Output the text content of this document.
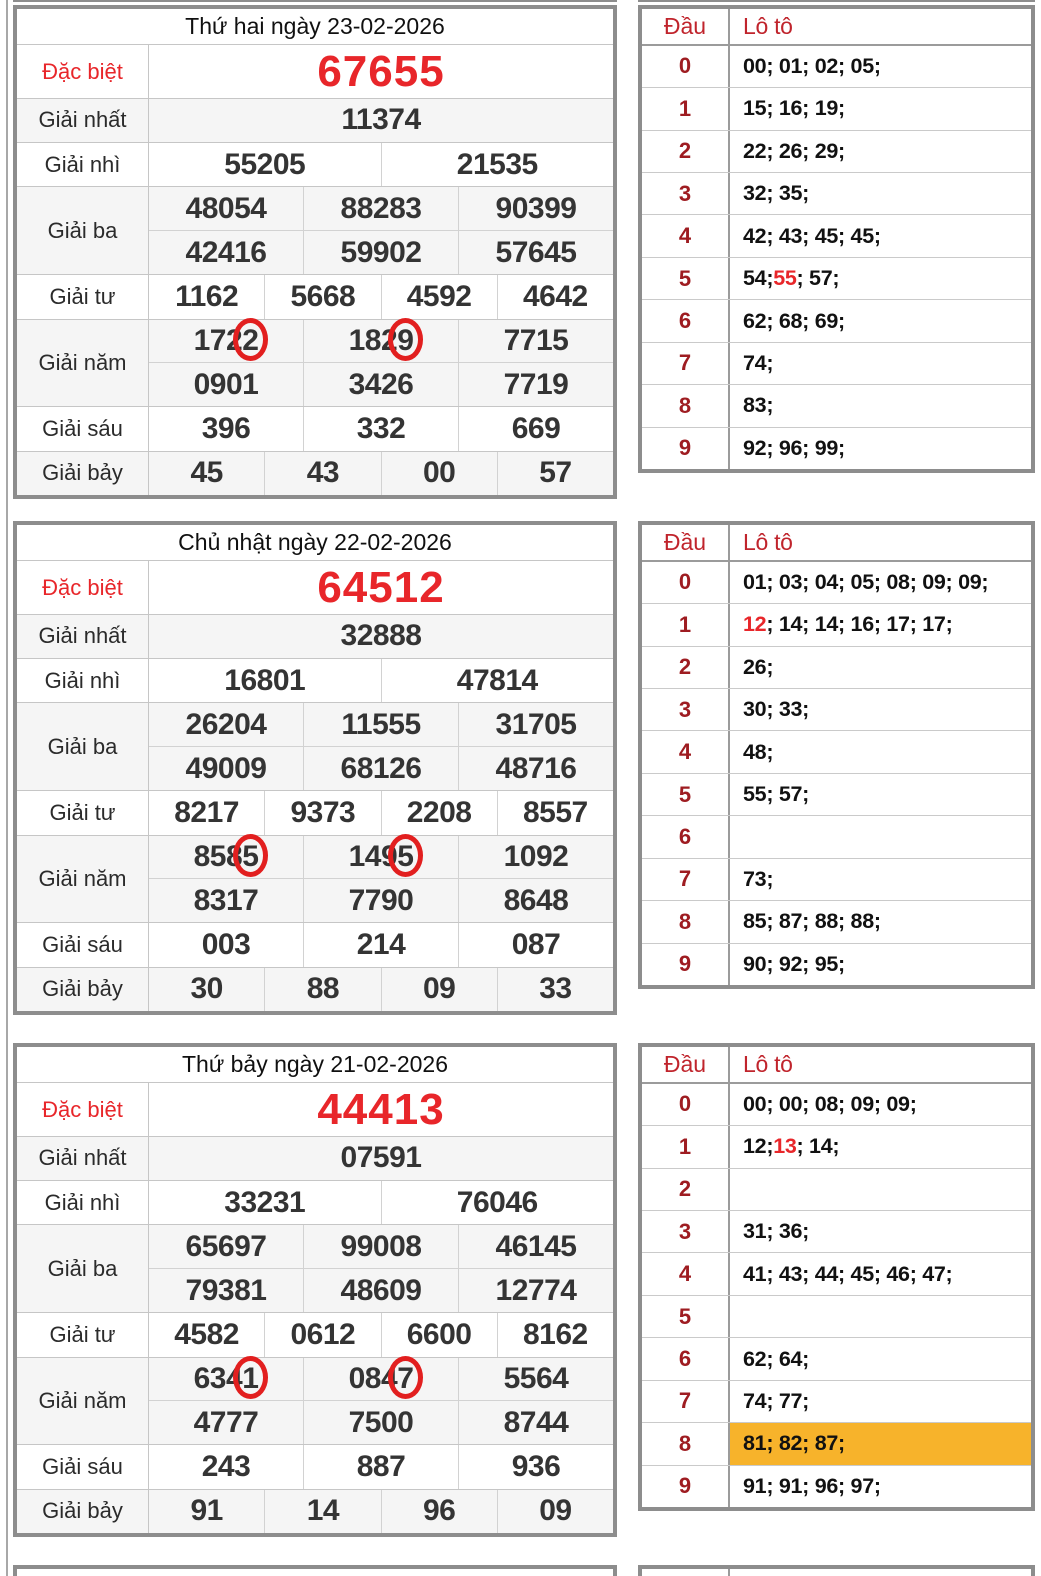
Thứ hai ngày 23-02-2026
Đặc biệt	67655
Giải nhất	11374
Giải nhì	55205	21535
Giải ba
48054	88283	90399
42416	59902	57645
Giải tư	1162	5668	4592	4642
Giải năm
172 2	182 9	7715
0901	3426	7719
Giải sáu	396	332	669
Giải bảy	45	43	00	57
Đầu	Lô tô
0	00; 01; 02; 05;
1	15; 16; 19;
2	22; 26; 29;
3	32; 35;
4	42; 43; 45; 45;
5	54; 55 ; 57;
6	62; 68; 69;
7	74;
8	83;
9	92; 96; 99;
Chủ nhật ngày 22-02-2026
Đặc biệt	64512
Giải nhất	32888
Giải nhì	16801	47814
Giải ba
26204	11555	31705
49009	68126	48716
Giải tư	8217	9373	2208	8557
Giải năm
858 5	149 5	1092
8317	7790	8648
Giải sáu	003	214	087
Giải bảy	30	88	09	33
Đầu	Lô tô
0	01; 03; 04; 05; 08; 09; 09;
1	12 ; 14; 14; 16; 17; 17;
2	26;
3	30; 33;
4	48;
5	55; 57;
6
7	73;
8	85; 87; 88; 88;
9	90; 92; 95;
Thứ bảy ngày 21-02-2026
Đặc biệt	44413
Giải nhất	07591
Giải nhì	33231	76046
Giải ba
65697	99008	46145
79381	48609	12774
Giải tư	4582	0612	6600	8162
Giải năm
634 1	084 7	5564
4777	7500	8744
Giải sáu	243	887	936
Giải bảy	91	14	96	09
Đầu	Lô tô
0	00; 00; 08; 09; 09;
1	12; 13 ; 14;
2
3	31; 36;
4	41; 43; 44; 45; 46; 47;
5
6	62; 64;
7	74; 77;
8	81; 82; 87;
9	91; 91; 96; 97;
